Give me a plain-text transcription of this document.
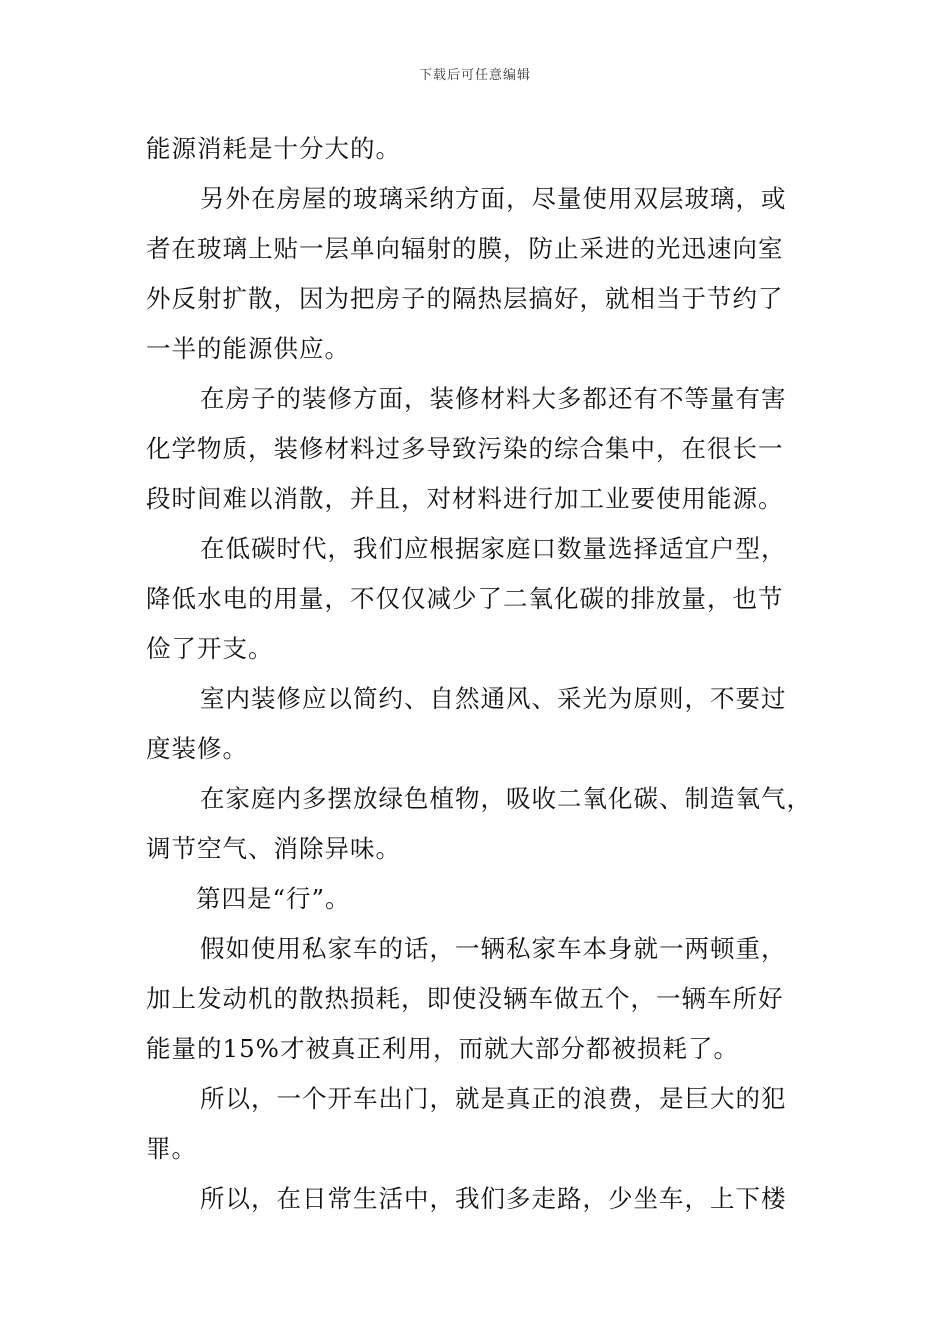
下载后可任意编辑
能源消耗是十分大的。
另外在房屋的玻璃采纳方面，尽量使用双层玻璃，或
者在玻璃上贴一层单向辐射的膜，防止采进的光迅速向室
外反射扩散，因为把房子的隔热层搞好，就相当于节约了
一半的能源供应。
在房子的装修方面，装修材料大多都还有不等量有害
化学物质，装修材料过多导致污染的综合集中，在很长一
段时间难以消散，并且，对材料进行加工业要使用能源。
在低碳时代，我们应根据家庭口数量选择适宜户型，
降低水电的用量，不仅仅减少了二氧化碳的排放量，也节
俭了开支。
室内装修应以简约、自然通风、采光为原则，不要过
度装修。
在家庭内多摆放绿色植物，吸收二氧化碳、制造氧气，
调节空气、消除异味。
第四是“行”。
假如使用私家车的话，一辆私家车本身就一两顿重，
加上发动机的散热损耗，即使没辆车做五个，一辆车所好
能量的15%才被真正利用，而就大部分都被损耗了。
所以，一个开车出门，就是真正的浪费，是巨大的犯
罪。
所以，在日常生活中，我们多走路，少坐车，上下楼
